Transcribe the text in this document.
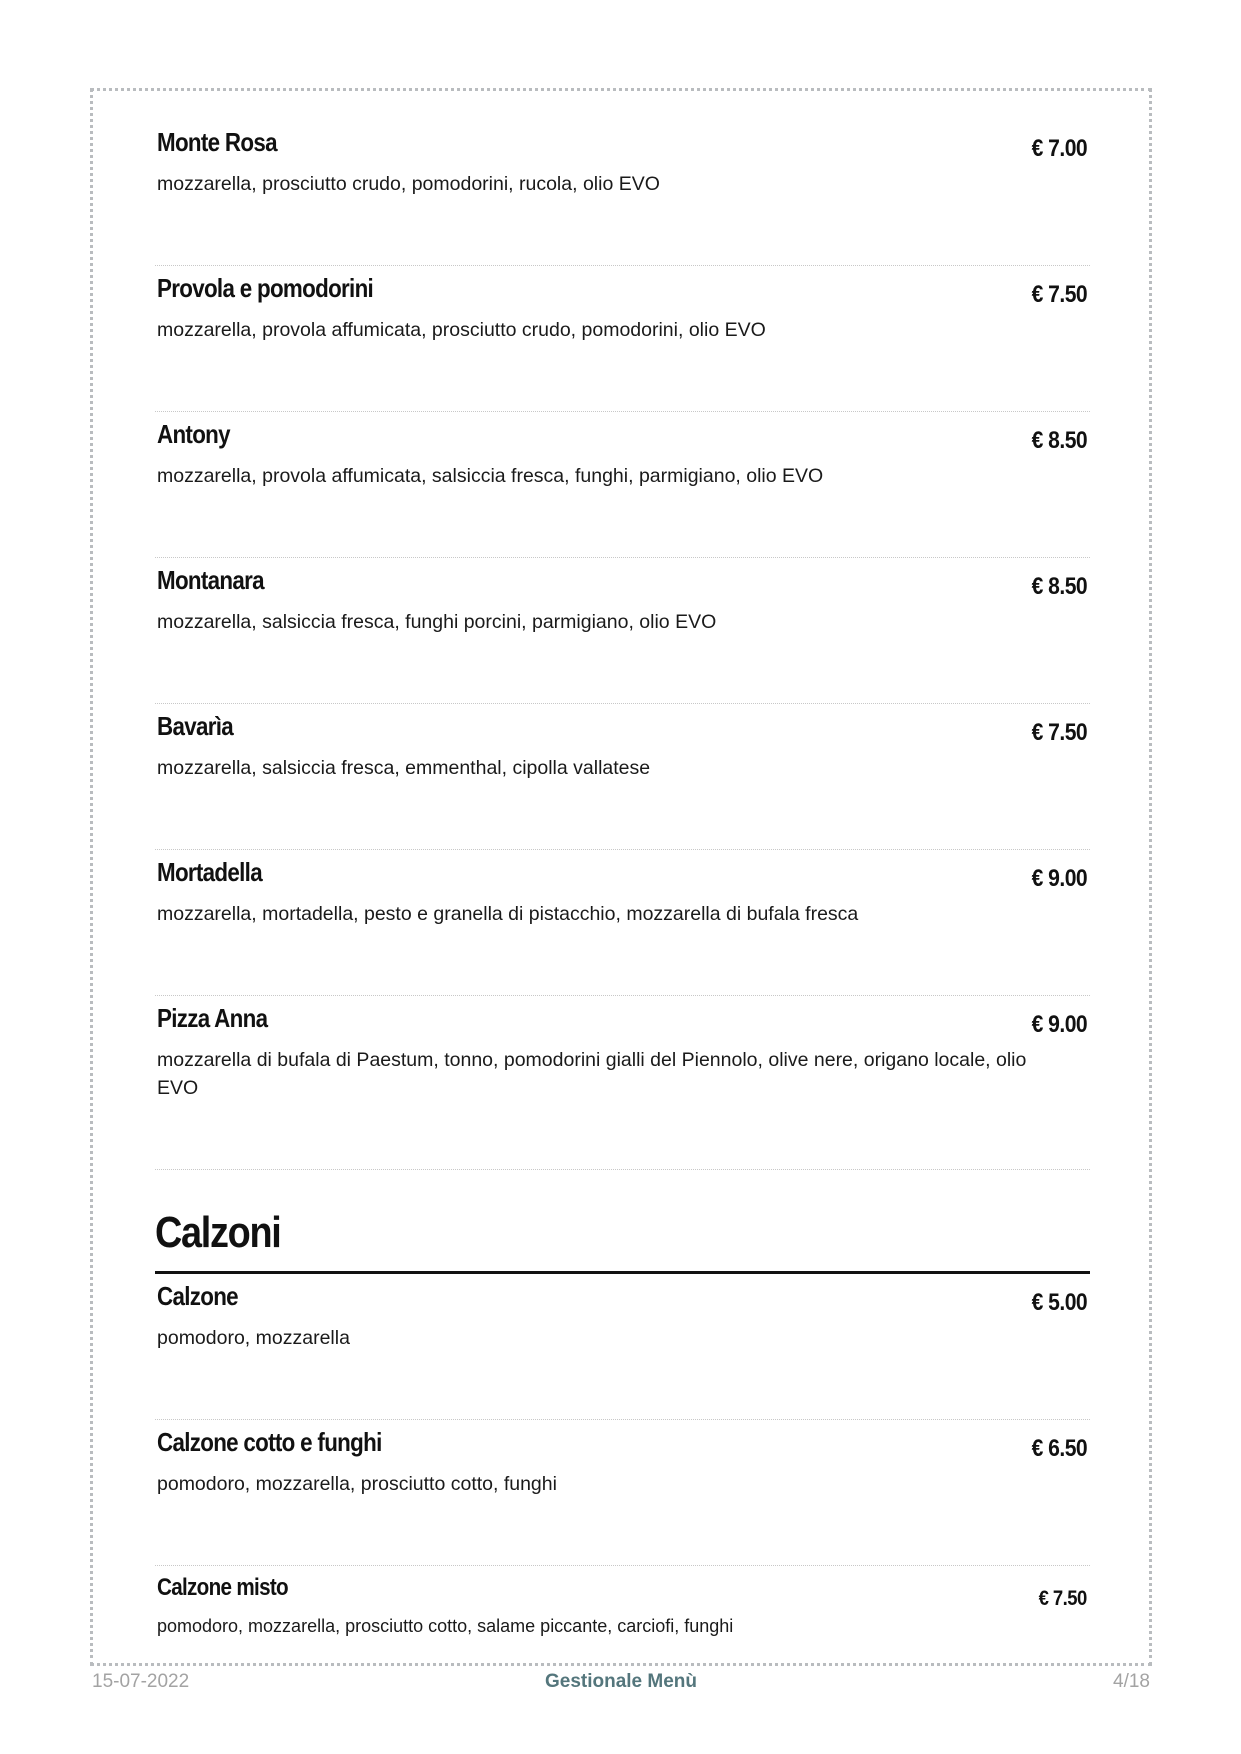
Monte Rosa	€ 7.00
mozzarella, prosciutto crudo, pomodorini, rucola, olio EVO
Provola e pomodorini	€ 7.50
mozzarella, provola affumicata, prosciutto crudo, pomodorini, olio EVO
Antony	€ 8.50
mozzarella, provola affumicata, salsiccia fresca, funghi, parmigiano, olio EVO
Montanara	€ 8.50
mozzarella, salsiccia fresca, funghi porcini, parmigiano, olio EVO
Bavarìa	€ 7.50
mozzarella, salsiccia fresca, emmenthal, cipolla vallatese
Mortadella	€ 9.00
mozzarella, mortadella, pesto e granella di pistacchio, mozzarella di bufala fresca
Pizza Anna	€ 9.00
mozzarella di bufala di Paestum, tonno, pomodorini gialli del Piennolo, olive nere, origano locale, olio EVO
Calzoni
Calzone	€ 5.00
pomodoro, mozzarella
Calzone cotto e funghi	€ 6.50
pomodoro, mozzarella, prosciutto cotto, funghi
Calzone misto	€ 7.50
pomodoro, mozzarella, prosciutto cotto, salame piccante, carciofi, funghi
15-07-2022	Gestionale Menù	4/18
